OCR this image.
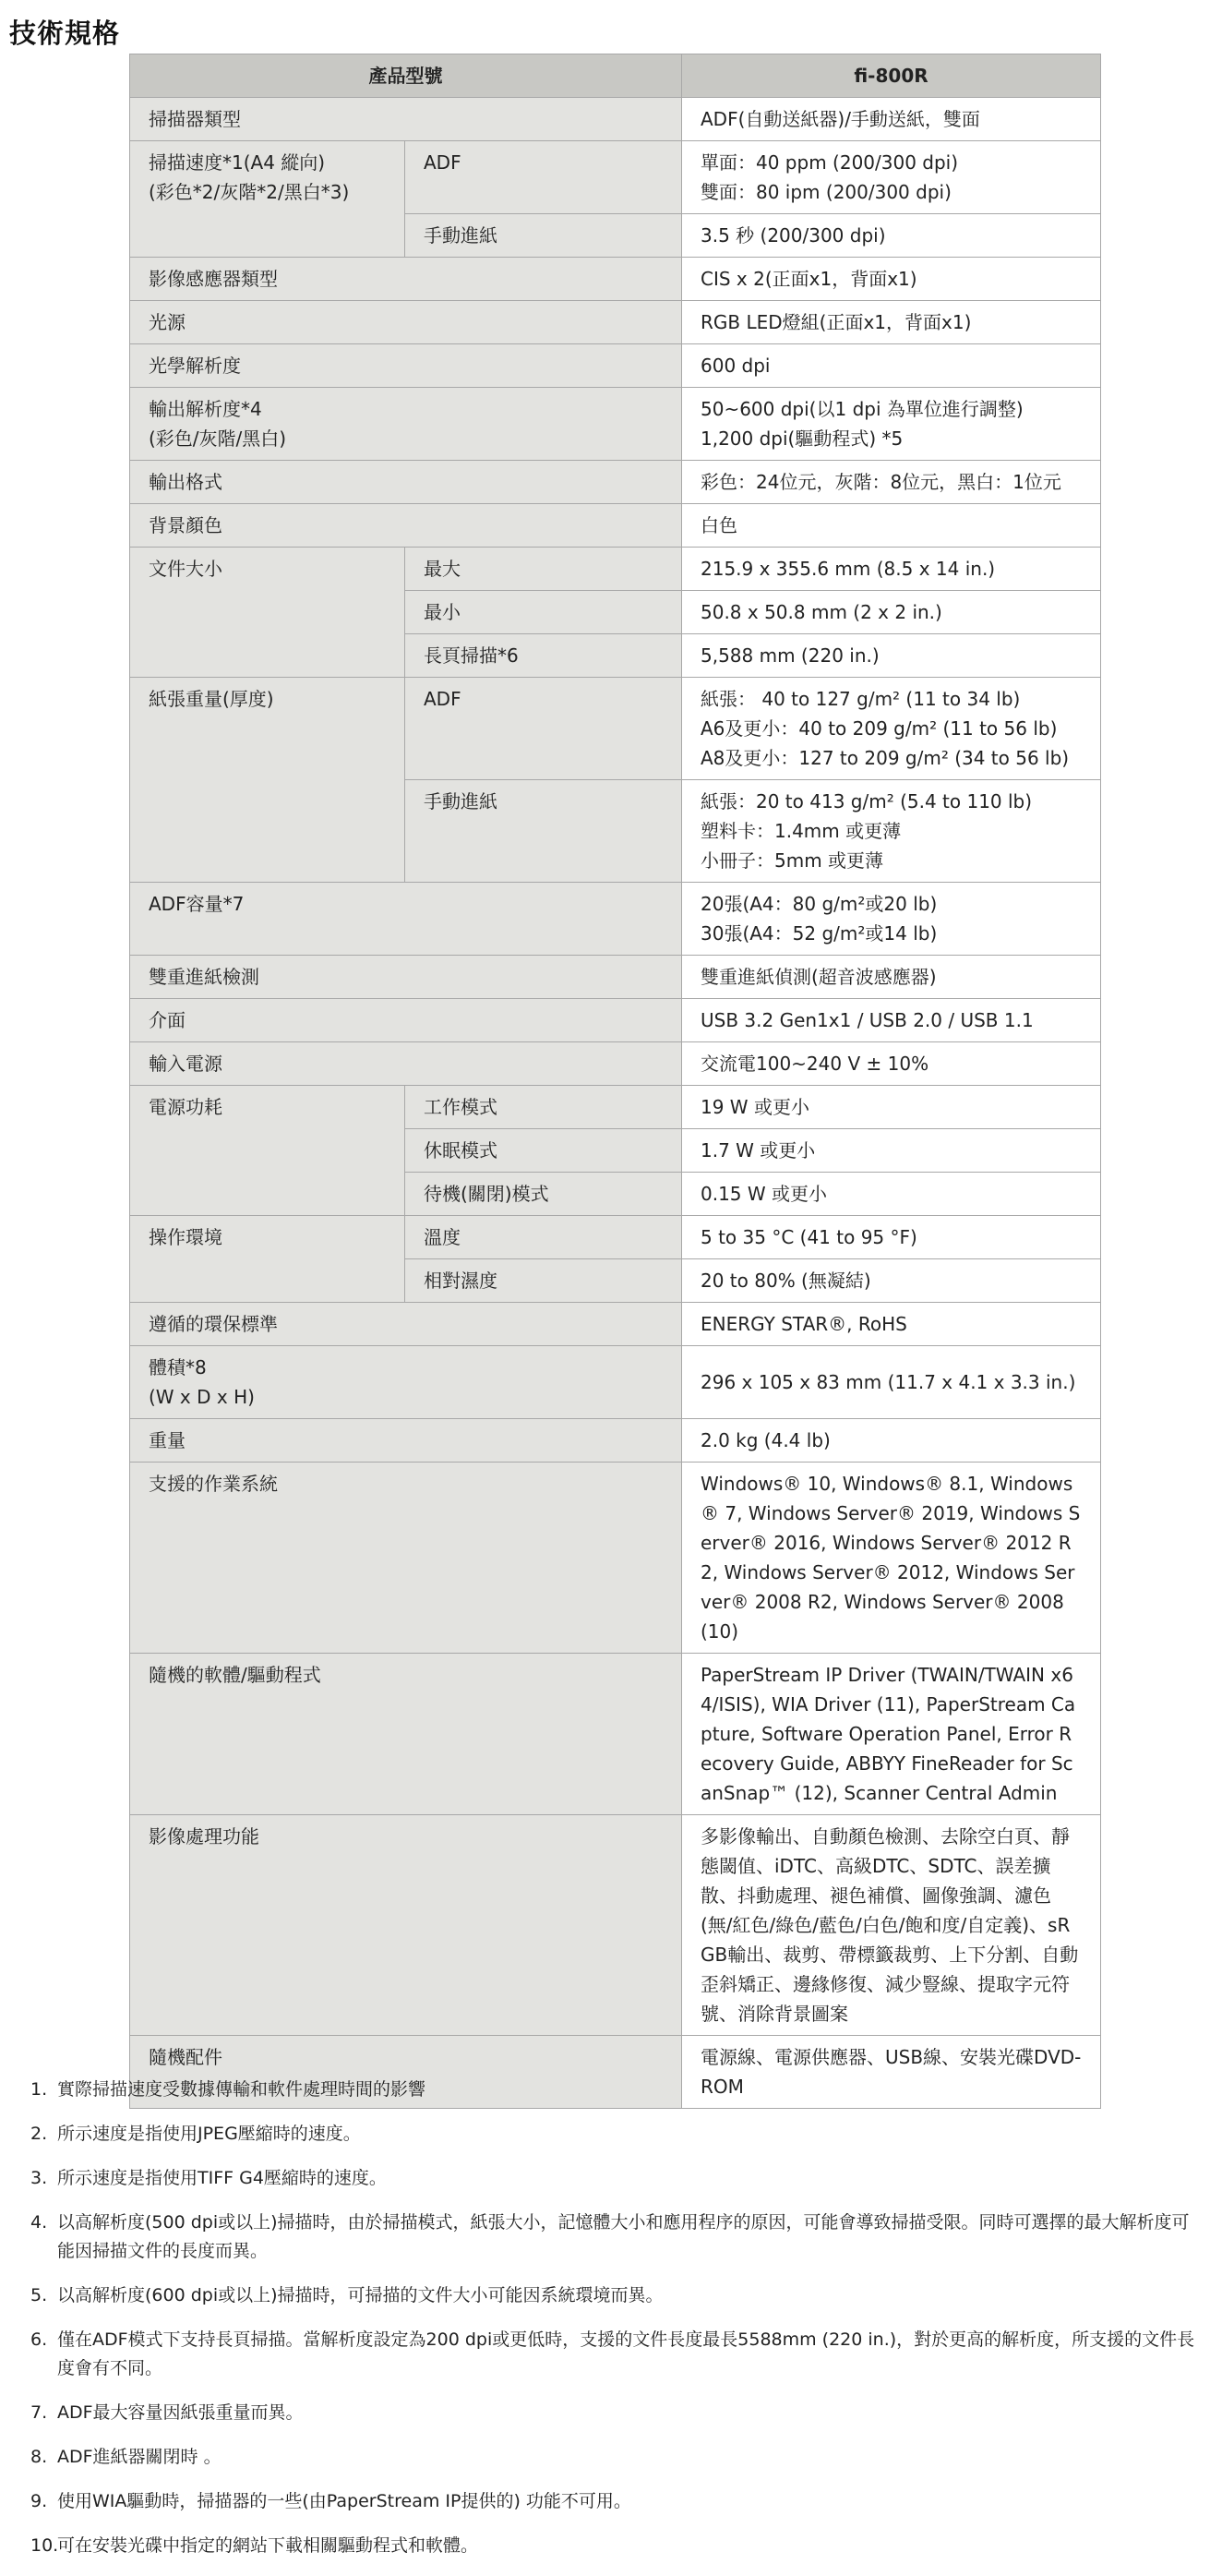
技術規格
產品型號		fi-800R
掃描器類型		ADF(自動送紙器)/手動送紙，雙面

掃描速度*1(A4 縱向)
(彩色*2/灰階*2/黑白*3)	ADF	單面：40 ppm (200/300 dpi)
雙面：80 ipm (200/300 dpi)

	手動進紙	3.5 秒 (200/300 dpi)

影像感應器類型		CIS x 2(正面x1，背面x1)

光源		RGB LED燈組(正面x1，背面x1)

光學解析度		600 dpi

輸出解析度*4
(彩色/灰階/黑白)		50~600 dpi(以1 dpi 為單位進行調整)
1,200 dpi(驅動程式) *5

輸出格式		彩色：24位元，灰階：8位元，黑白：1位元

背景顏色		白色

文件大小	最大	215.9 x 355.6 mm (8.5 x 14 in.)

	最小	50.8 x 50.8 mm (2 x 2 in.)

	長頁掃描*6	5,588 mm (220 in.)

紙張重量(厚度)	ADF	紙張： 40 to 127 g/m² (11 to 34 lb)
A6及更小：40 to 209 g/m² (11 to 56 lb)
A8及更小：127 to 209 g/m² (34 to 56 lb)

	手動進紙	紙張：20 to 413 g/m² (5.4 to 110 lb)
塑料卡：1.4mm 或更薄
小冊子：5mm 或更薄

ADF容量*7		20張(A4：80 g/m²或20 lb)
30張(A4：52 g/m²或14 lb)

雙重進紙檢測		雙重進紙偵測(超音波感應器)

介面		USB 3.2 Gen1x1 / USB 2.0 / USB 1.1

輸入電源		交流電100~240 V ± 10%

電源功耗	工作模式	19 W 或更小

	休眠模式	1.7 W 或更小

	待機(關閉)模式	0.15 W 或更小

操作環境	溫度	5 to 35 °C (41 to 95 °F)

	相對濕度	20 to 80% (無凝結)

遵循的環保標準		ENERGY STAR®, RoHS

體積*8
(W x D x H)		296 x 105 x 83 mm (11.7 x 4.1 x 3.3 in.)

重量		2.0 kg (4.4 lb)

支援的作業系統		Windows® 10, Windows® 8.1, Windows® 7, Windows Server® 2019, Windows Server® 2016, Windows Server® 2012 R2, Windows Server® 2012, Windows Server® 2008 R2, Windows Server® 2008 (10)

隨機的軟體/驅動程式		PaperStream IP Driver (TWAIN/TWAIN x64/ISIS), WIA Driver (11), PaperStream Capture, Software Operation Panel, Error Recovery Guide, ABBYY FineReader for ScanSnap™ (12), Scanner Central Admin

影像處理功能		多影像輸出、自動顏色檢測、去除空白頁、靜態閾值、iDTC、高級DTC、SDTC、誤差擴散、抖動處理、褪色補償、圖像強調、濾色(無/紅色/綠色/藍色/白色/飽和度/自定義)、sRGB輸出、裁剪、帶標籤裁剪、上下分割、自動歪斜矯正、邊緣修復、減少豎線、提取字元符號、消除背景圖案

隨機配件		電源線、電源供應器、USB線、安裝光碟DVD-ROM
1. 實際掃描速度受數據傳輸和軟件處理時間的影響
2. 所示速度是指使用JPEG壓縮時的速度。
3. 所示速度是指使用TIFF G4壓縮時的速度。
4. 以高解析度(500 dpi或以上)掃描時，由於掃描模式，紙張大小，記憶體大小和應用程序的原因，可能會導致掃描受限。同時可選擇的最大解析度可能因掃描文件的長度而異。
5. 以高解析度(600 dpi或以上)掃描時，可掃描的文件大小可能因系統環境而異。
6. 僅在ADF模式下支持長頁掃描。當解析度設定為200 dpi或更低時，支援的文件長度最長5588mm (220 in.)，對於更高的解析度，所支援的文件長度會有不同。
7. ADF最大容量因紙張重量而異。
8. ADF進紙器關閉時 。
9. 使用WIA驅動時，掃描器的一些(由PaperStream IP提供的) 功能不可用。
10.
可在安裝光碟中指定的網站下載相關驅動程式和軟體。
